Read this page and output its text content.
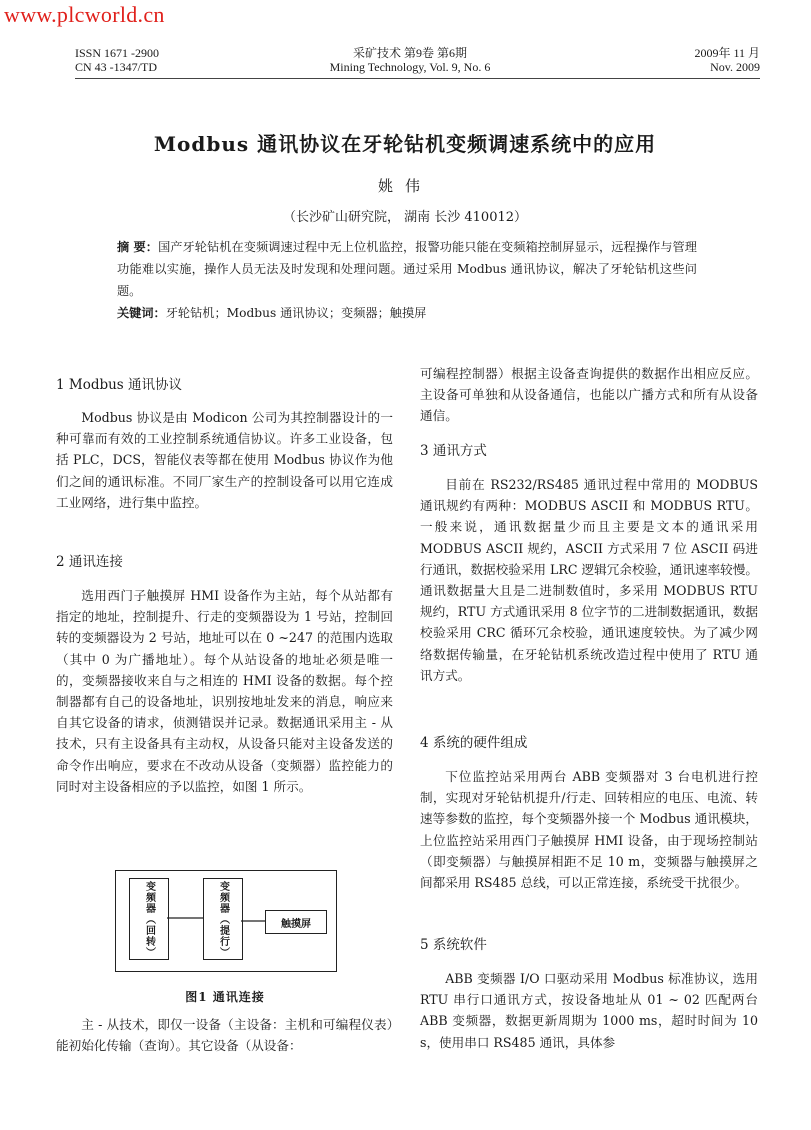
www.plcworld.cn
ISSN 1671 -2900
CN 43 -1347/TD
采矿技术 第9卷 第6期
Mining Technology, Vol. 9, No. 6
2009年 11 月
Nov. 2009
Modbus 通讯协议在牙轮钻机变频调速系统中的应用
姚伟
（长沙矿山研究院， 湖南 长沙 410012）
摘 要：国产牙轮钻机在变频调速过程中无上位机监控，报警功能只能在变频箱控制屏显示，远程操作与管理功能难以实施，操作人员无法及时发现和处理问题。通过采用 Modbus 通讯协议，解决了牙轮钻机这些问题。
关键词：牙轮钻机；Modbus 通讯协议；变频器；触摸屏
1 Modbus 通讯协议

Modbus 协议是由 Modicon 公司为其控制器设计的一种可靠而有效的工业控制系统通信协议。许多工业设备，包括 PLC，DCS，智能仪表等都在使用 Modbus 协议作为他们之间的通讯标准。不同厂家生产的控制设备可以用它连成工业网络，进行集中监控。

2 通讯连接

选用西门子触摸屏 HMI 设备作为主站，每个从站都有指定的地址，控制提升、行走的变频器设为 1 号站，控制回转的变频器设为 2 号站，地址可以在 0 ~247 的范围内选取（其中 0 为广播地址）。每个从站设备的地址必须是唯一的，变频器接收来自与之相连的 HMI 设备的数据。每个控制器都有自己的设备地址，识别按地址发来的消息，响应来自其它设备的请求，侦测错误并记录。数据通讯采用主 - 从技术，只有主设备具有主动权，从设备只能对主设备发送的命令作出响应，要求在不改动从设备（变频器）监控能力的同时对主设备相应的予以监控，如图 1 所示。

变频器（回转）	变频器（提行）	触摸屏
图1 通讯连接

主 - 从技术，即仅一设备（主设备：主机和可编程仪表）能初始化传输（查询）。其它设备（从设备：

可编程控制器）根据主设备查询提供的数据作出相应反应。主设备可单独和从设备通信，也能以广播方式和所有从设备通信。

3 通讯方式

目前在 RS232/RS485 通讯过程中常用的 MODBUS 通讯规约有两种：MODBUS ASCII 和 MODBUS RTU。一般来说，通讯数据量少而且主要是文本的通讯采用 MODBUS ASCII 规约，ASCII 方式采用 7 位 ASCII 码进行通讯，数据校验采用 LRC 逻辑冗余校验，通讯速率较慢。通讯数据量大且是二进制数值时，多采用 MODBUS RTU 规约，RTU 方式通讯采用 8 位字节的二进制数据通讯，数据校验采用 CRC 循环冗余校验，通讯速度较快。为了减少网络数据传输量，在牙轮钻机系统改造过程中使用了 RTU 通讯方式。

4 系统的硬件组成

下位监控站采用两台 ABB 变频器对 3 台电机进行控制，实现对牙轮钻机提升/行走、回转相应的电压、电流、转速等参数的监控，每个变频器外接一个 Modbus 通讯模块，上位监控站采用西门子触摸屏 HMI 设备，由于现场控制站（即变频器）与触摸屏相距不足 10 m，变频器与触摸屏之间都采用 RS485 总线，可以正常连接，系统受干扰很少。

5 系统软件

ABB 变频器 I/O 口驱动采用 Modbus 标准协议，选用 RTU 串行口通讯方式，按设备地址从 01 ~ 02 匹配两台 ABB 变频器，数据更新周期为 1000 ms，超时时间为 10 s，使用串口 RS485 通讯，具体参
